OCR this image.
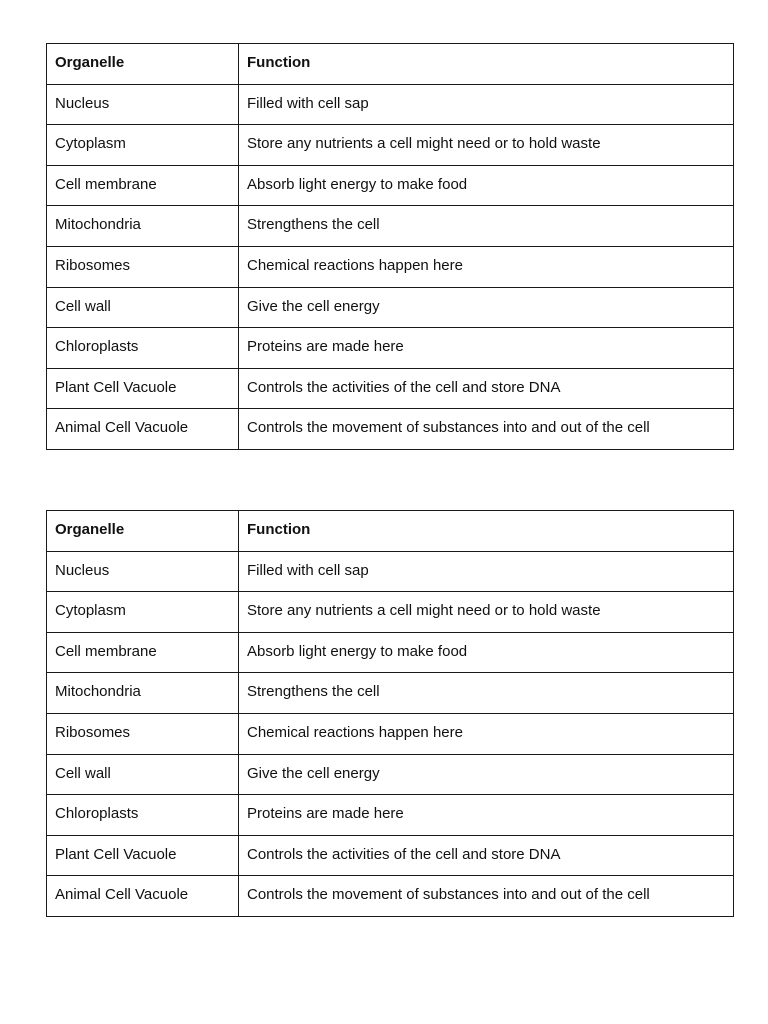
Organelle	Function
Nucleus	Filled with cell sap
Cytoplasm	Store any nutrients a cell might need or to hold waste
Cell membrane	Absorb light energy to make food
Mitochondria	Strengthens the cell
Ribosomes	Chemical reactions happen here
Cell wall	Give the cell energy
Chloroplasts	Proteins are made here
Plant Cell Vacuole	Controls the activities of the cell and store DNA
Animal Cell Vacuole	Controls the movement of substances into and out of the cell
Organelle	Function
Nucleus	Filled with cell sap
Cytoplasm	Store any nutrients a cell might need or to hold waste
Cell membrane	Absorb light energy to make food
Mitochondria	Strengthens the cell
Ribosomes	Chemical reactions happen here
Cell wall	Give the cell energy
Chloroplasts	Proteins are made here
Plant Cell Vacuole	Controls the activities of the cell and store DNA
Animal Cell Vacuole	Controls the movement of substances into and out of the cell
